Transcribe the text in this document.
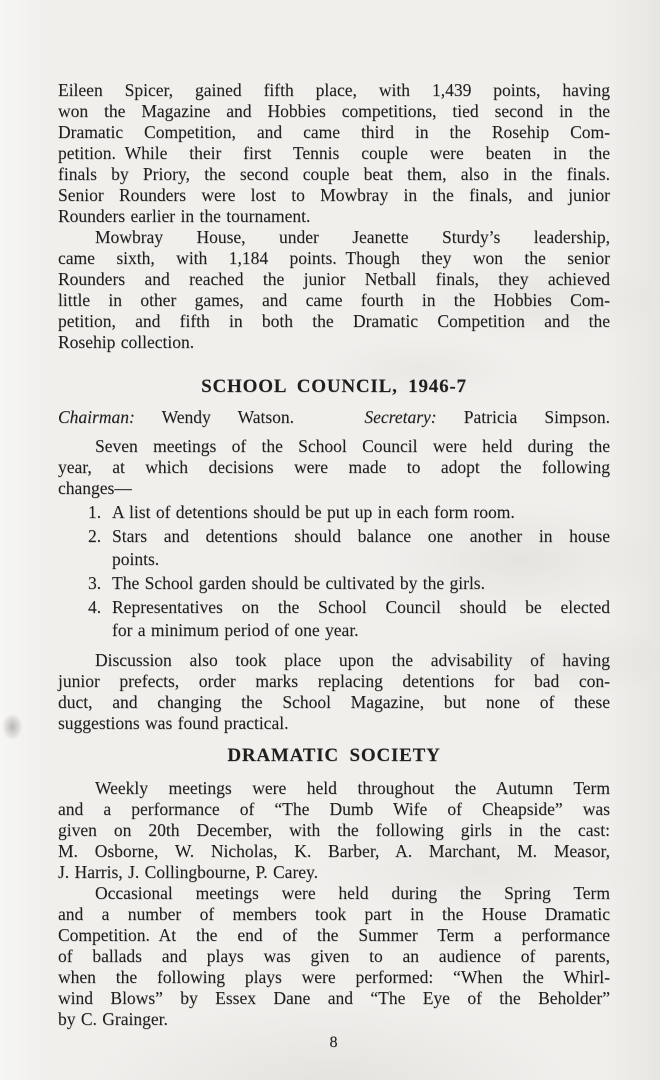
Eileen Spicer, gained fifth place, with 1,439 points, having
won the Magazine and Hobbies competitions, tied second in the
Dramatic Competition, and came third in the Rosehip Com-
petition. While their first Tennis couple were beaten in the
finals by Priory, the second couple beat them, also in the finals.
Senior Rounders were lost to Mowbray in the finals, and junior
Rounders earlier in the tournament.
Mowbray House, under Jeanette Sturdy’s leadership,
came sixth, with 1,184 points. Though they won the senior
Rounders and reached the junior Netball finals, they achieved
little in other games, and came fourth in the Hobbies Com-
petition, and fifth in both the Dramatic Competition and the
Rosehip collection.
SCHOOL COUNCIL, 1946-7
Chairman: Wendy Watson.	Secretary: Patricia Simpson.
Seven meetings of the School Council were held during the
year, at which decisions were made to adopt the following
changes—
1. A list of detentions should be put up in each form room.
2. Stars and detentions should balance one another in house
points.
3. The School garden should be cultivated by the girls.
4. Representatives on the School Council should be elected
for a minimum period of one year.
Discussion also took place upon the advisability of having
junior prefects, order marks replacing detentions for bad con-
duct, and changing the School Magazine, but none of these
suggestions was found practical.
DRAMATIC SOCIETY
Weekly meetings were held throughout the Autumn Term
and a performance of “The Dumb Wife of Cheapside” was
given on 20th December, with the following girls in the cast:
M. Osborne, W. Nicholas, K. Barber, A. Marchant, M. Measor,
J. Harris, J. Collingbourne, P. Carey.
Occasional meetings were held during the Spring Term
and a number of members took part in the House Dramatic
Competition. At the end of the Summer Term a performance
of ballads and plays was given to an audience of parents,
when the following plays were performed: “When the Whirl-
wind Blows” by Essex Dane and “The Eye of the Beholder”
by C. Grainger.
8
